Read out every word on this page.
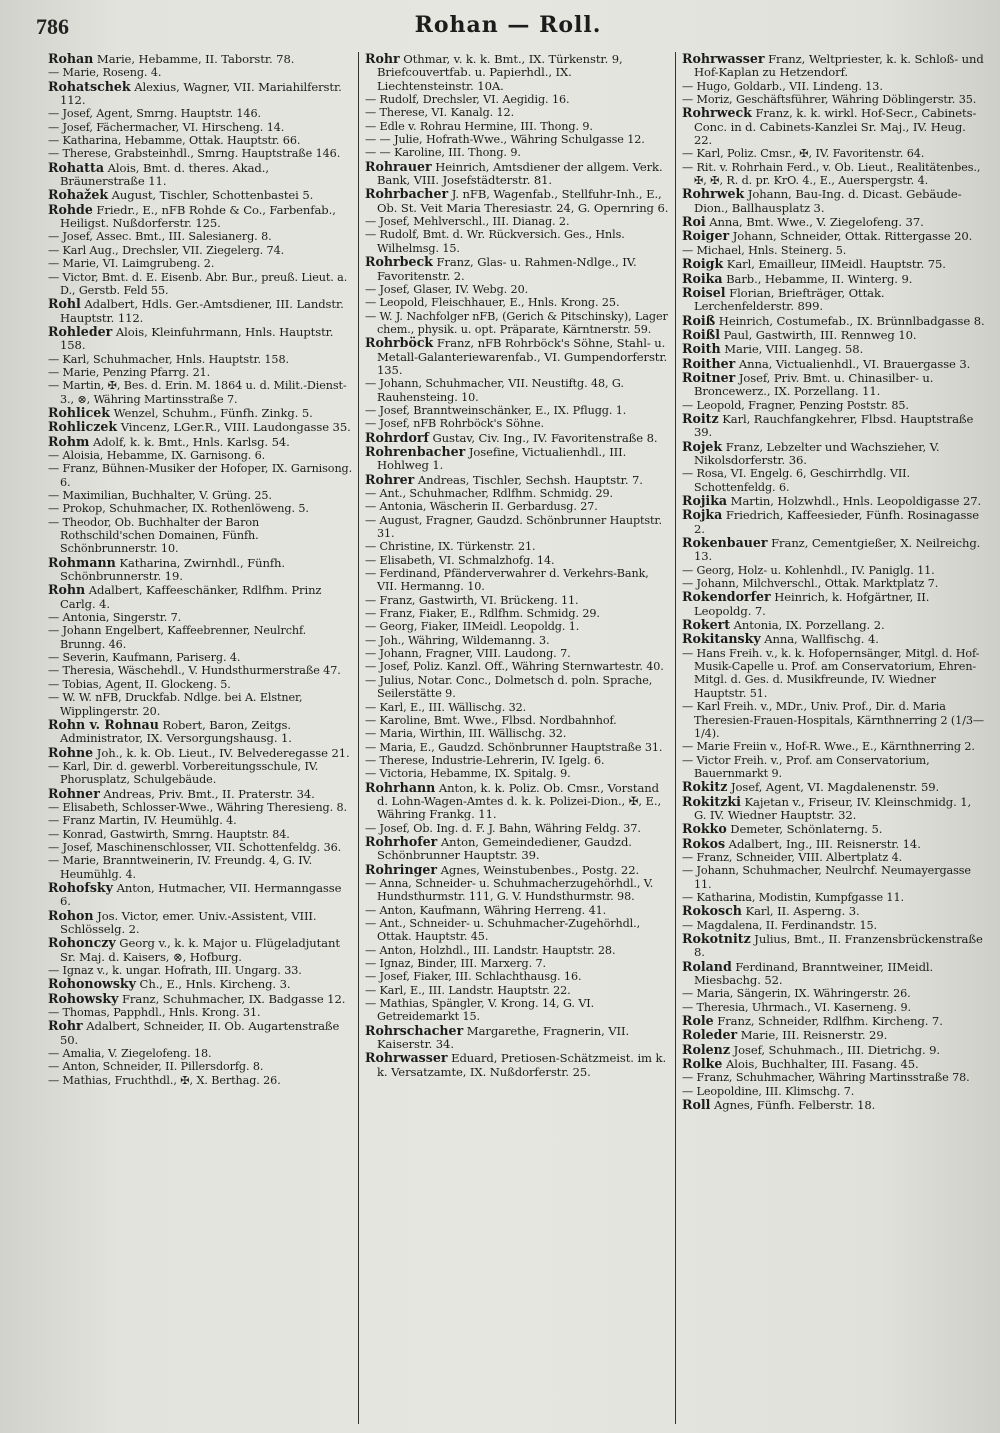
786	Rohan — Roll.

Rohan Marie, Hebamme, II. Taborstr. 78.

— Marie, Roseng. 4.

Rohatschek Alexius, Wagner, VII. Mariahilferstr. 112.

— Josef, Agent, Smrng. Hauptstr. 146.

— Josef, Fächermacher, VI. Hirscheng. 14.

— Katharina, Hebamme, Ottak. Hauptstr. 66.

— Therese, Grabsteinhdl., Smrng. Hauptstraße 146.

Rohatta Alois, Bmt. d. theres. Akad., Bräunerstraße 11.

Rohažek August, Tischler, Schottenbastei 5.

Rohde Friedr., E., nFB Rohde & Co., Farbenfab., Heiligst. Nußdorferstr. 125.

— Josef, Assec. Bmt., III. Salesianerg. 8.

— Karl Aug., Drechsler, VII. Ziegelerg. 74.

— Marie, VI. Laimgrubeng. 2.

— Victor, Bmt. d. E. Eisenb. Abr. Bur., preuß. Lieut. a. D., Gerstb. Feld 55.

Rohl Adalbert, Hdls. Ger.-Amtsdiener, III. Landstr. Hauptstr. 112.

Rohleder Alois, Kleinfuhrmann, Hnls. Hauptstr. 158.

— Karl, Schuhmacher, Hnls. Hauptstr. 158.

— Marie, Penzing Pfarrg. 21.

— Martin, ✠, Bes. d. Erin. M. 1864 u. d. Milit.-Dienst-3., ⊗, Währing Martinsstraße 7.

Rohlicek Wenzel, Schuhm., Fünfh. Zinkg. 5.

Rohliczek Vincenz, LGer.R., VIII. Laudongasse 35.

Rohm Adolf, k. k. Bmt., Hnls. Karlsg. 54.

— Aloisia, Hebamme, IX. Garnisong. 6.

— Franz, Bühnen-Musiker der Hofoper, IX. Garnisong. 6.

— Maximilian, Buchhalter, V. Grüng. 25.

— Prokop, Schuhmacher, IX. Rothenlöweng. 5.

— Theodor, Ob. Buchhalter der Baron Rothschild'schen Domainen, Fünfh. Schönbrunnerstr. 10.

Rohmann Katharina, Zwirnhdl., Fünfh. Schönbrunnerstr. 19.

Rohn Adalbert, Kaffeeschänker, Rdlfhm. Prinz Carlg. 4.

— Antonia, Singerstr. 7.

— Johann Engelbert, Kaffeebrenner, Neulrchf. Brunng. 46.

— Severin, Kaufmann, Pariserg. 4.

— Theresia, Wäschehdl., V. Hundsthurmerstraße 47.

— Tobias, Agent, II. Glockeng. 5.

— W. W. nFB, Druckfab. Ndlge. bei A. Elstner, Wipplingerstr. 20.

Rohn v. Rohnau Robert, Baron, Zeitgs. Administrator, IX. Versorgungshausg. 1.

Rohne Joh., k. k. Ob. Lieut., IV. Belvederegasse 21.

— Karl, Dir. d. gewerbl. Vorbereitungsschule, IV. Phorusplatz, Schulgebäude.

Rohner Andreas, Priv. Bmt., II. Praterstr. 34.

— Elisabeth, Schlosser-Wwe., Währing Theresieng. 8.

— Franz Martin, IV. Heumühlg. 4.

— Konrad, Gastwirth, Smrng. Hauptstr. 84.

— Josef, Maschinenschlosser, VII. Schottenfeldg. 36.

— Marie, Branntweinerin, IV. Freundg. 4, G. IV. Heumühlg. 4.

Rohofsky Anton, Hutmacher, VII. Hermanngasse 6.

Rohon Jos. Victor, emer. Univ.-Assistent, VIII. Schlösselg. 2.

Rohonczy Georg v., k. k. Major u. Flügeladjutant Sr. Maj. d. Kaisers, ⊗, Hofburg.

— Ignaz v., k. ungar. Hofrath, III. Ungarg. 33.

Rohonowsky Ch., E., Hnls. Kircheng. 3.

Rohowsky Franz, Schuhmacher, IX. Badgasse 12.

— Thomas, Papphdl., Hnls. Krong. 31.

Rohr Adalbert, Schneider, II. Ob. Augartenstraße 50.

— Amalia, V. Ziegelofeng. 18.

— Anton, Schneider, II. Pillersdorfg. 8.

— Mathias, Fruchthdl., ✠, X. Berthag. 26.

Rohr Othmar, v. k. k. Bmt., IX. Türkenstr. 9, Briefcouvertfab. u. Papierhdl., IX. Liechtensteinstr. 10A.

— Rudolf, Drechsler, VI. Aegidig. 16.

— Therese, VI. Kanalg. 12.

— Edle v. Rohrau Hermine, III. Thong. 9.

— — Julie, Hofrath-Wwe., Währing Schulgasse 12.

— — Karoline, III. Thong. 9.

Rohrauer Heinrich, Amtsdiener der allgem. Verk. Bank, VIII. Josefstädterstr. 81.

Rohrbacher J. nFB, Wagenfab., Stellfuhr-Inh., E., Ob. St. Veit Maria Theresiastr. 24, G. Opernring 6.

— Josef, Mehlverschl., III. Dianag. 2.

— Rudolf, Bmt. d. Wr. Rückversich. Ges., Hnls. Wilhelmsg. 15.

Rohrbeck Franz, Glas- u. Rahmen-Ndlge., IV. Favoritenstr. 2.

— Josef, Glaser, IV. Webg. 20.

— Leopold, Fleischhauer, E., Hnls. Krong. 25.

— W. J. Nachfolger nFB, (Gerich & Pitschinsky), Lager chem., physik. u. opt. Präparate, Kärntnerstr. 59.

Rohrböck Franz, nFB Rohrböck's Söhne, Stahl- u. Metall-Galanteriewarenfab., VI. Gumpendorferstr. 135.

— Johann, Schuhmacher, VII. Neustiftg. 48, G. Rauhensteing. 10.

— Josef, Branntweinschänker, E., IX. Pflugg. 1.

— Josef, nFB Rohrböck's Söhne.

Rohrdorf Gustav, Civ. Ing., IV. Favoritenstraße 8.

Rohrenbacher Josefine, Victualienhdl., III. Hohlweg 1.

Rohrer Andreas, Tischler, Sechsh. Hauptstr. 7.

— Ant., Schuhmacher, Rdlfhm. Schmidg. 29.

— Antonia, Wäscherin II. Gerbardusg. 27.

— August, Fragner, Gaudzd. Schönbrunner Hauptstr. 31.

— Christine, IX. Türkenstr. 21.

— Elisabeth, VI. Schmalzhofg. 14.

— Ferdinand, Pfänderverwahrer d. Verkehrs-Bank, VII. Hermanng. 10.

— Franz, Gastwirth, VI. Brückeng. 11.

— Franz, Fiaker, E., Rdlfhm. Schmidg. 29.

— Georg, Fiaker, IIMeidl. Leopoldg. 1.

— Joh., Währing, Wildemanng. 3.

— Johann, Fragner, VIII. Laudong. 7.

— Josef, Poliz. Kanzl. Off., Währing Sternwartestr. 40.

— Julius, Notar. Conc., Dolmetsch d. poln. Sprache, Seilerstätte 9.

— Karl, E., III. Wällischg. 32.

— Karoline, Bmt. Wwe., Flbsd. Nordbahnhof.

— Maria, Wirthin, III. Wällischg. 32.

— Maria, E., Gaudzd. Schönbrunner Hauptstraße 31.

— Therese, Industrie-Lehrerin, IV. Igelg. 6.

— Victoria, Hebamme, IX. Spitalg. 9.

Rohrhann Anton, k. k. Poliz. Ob. Cmsr., Vorstand d. Lohn-Wagen-Amtes d. k. k. Polizei-Dion., ✠, E., Währing Frankg. 11.

— Josef, Ob. Ing. d. F. J. Bahn, Währing Feldg. 37.

Rohrhofer Anton, Gemeindediener, Gaudzd. Schönbrunner Hauptstr. 39.

Rohringer Agnes, Weinstubenbes., Postg. 22.

— Anna, Schneider- u. Schuhmacherzugehörhdl., V. Hundsthurmstr. 111, G. V. Hundsthurmstr. 98.

— Anton, Kaufmann, Währing Herreng. 41.

— Ant., Schneider- u. Schuhmacher-Zugehörhdl., Ottak. Hauptstr. 45.

— Anton, Holzhdl., III. Landstr. Hauptstr. 28.

— Ignaz, Binder, III. Marxerg. 7.

— Josef, Fiaker, III. Schlachthausg. 16.

— Karl, E., III. Landstr. Hauptstr. 22.

— Mathias, Spängler, V. Krong. 14, G. VI. Getreidemarkt 15.

Rohrschacher Margarethe, Fragnerin, VII. Kaiserstr. 34.

Rohrwasser Eduard, Pretiosen-Schätzmeist. im k. k. Versatzamte, IX. Nußdorferstr. 25.

Rohrwasser Franz, Weltpriester, k. k. Schloß- und Hof-Kaplan zu Hetzendorf.

— Hugo, Goldarb., VII. Lindeng. 13.

— Moriz, Geschäftsführer, Währing Döblingerstr. 35.

Rohrweck Franz, k. k. wirkl. Hof-Secr., Cabinets-Conc. in d. Cabinets-Kanzlei Sr. Maj., IV. Heug. 22.

— Karl, Poliz. Cmsr., ✠, IV. Favoritenstr. 64.

— Rit. v. Rohrhain Ferd., v. Ob. Lieut., Realitätenbes., ✠, ✠, R. d. pr. KrO. 4., E., Auerspergstr. 4.

Rohrwek Johann, Bau-Ing. d. Dicast. Gebäude-Dion., Ballhausplatz 3.

Roi Anna, Bmt. Wwe., V. Ziegelofeng. 37.

Roiger Johann, Schneider, Ottak. Rittergasse 20.

— Michael, Hnls. Steinerg. 5.

Roigk Karl, Emailleur, IIMeidl. Hauptstr. 75.

Roika Barb., Hebamme, II. Winterg. 9.

Roisel Florian, Briefträger, Ottak. Lerchenfelderstr. 899.

Roiß Heinrich, Costumefab., IX. Brünnlbadgasse 8.

Roißl Paul, Gastwirth, III. Rennweg 10.

Roith Marie, VIII. Langeg. 58.

Roither Anna, Victualienhdl., VI. Brauergasse 3.

Roitner Josef, Priv. Bmt. u. Chinasilber- u. Broncewerz., IX. Porzellang. 11.

— Leopold, Fragner, Penzing Poststr. 85.

Roitz Karl, Rauchfangkehrer, Flbsd. Hauptstraße 39.

Rojek Franz, Lebzelter und Wachszieher, V. Nikolsdorferstr. 36.

— Rosa, VI. Engelg. 6, Geschirrhdlg. VII. Schottenfeldg. 6.

Rojika Martin, Holzwhdl., Hnls. Leopoldigasse 27.

Rojka Friedrich, Kaffeesieder, Fünfh. Rosinagasse 2.

Rokenbauer Franz, Cementgießer, X. Neilreichg. 13.

— Georg, Holz- u. Kohlenhdl., IV. Paniglg. 11.

— Johann, Milchverschl., Ottak. Marktplatz 7.

Rokendorfer Heinrich, k. Hofgärtner, II. Leopoldg. 7.

Rokert Antonia, IX. Porzellang. 2.

Rokitansky Anna, Wallfischg. 4.

— Hans Freih. v., k. k. Hofopernsänger, Mitgl. d. Hof-Musik-Capelle u. Prof. am Conservatorium, Ehren-Mitgl. d. Ges. d. Musikfreunde, IV. Wiedner Hauptstr. 51.

— Karl Freih. v., MDr., Univ. Prof., Dir. d. Maria Theresien-Frauen-Hospitals, Kärnthnerring 2 (1/3—1/4).

— Marie Freiin v., Hof-R. Wwe., E., Kärnthnerring 2.

— Victor Freih. v., Prof. am Conservatorium, Bauernmarkt 9.

Rokitz Josef, Agent, VI. Magdalenenstr. 59.

Rokitzki Kajetan v., Friseur, IV. Kleinschmidg. 1, G. IV. Wiedner Hauptstr. 32.

Rokko Demeter, Schönlaterng. 5.

Rokos Adalbert, Ing., III. Reisnerstr. 14.

— Franz, Schneider, VIII. Albertplatz 4.

— Johann, Schuhmacher, Neulrchf. Neumayergasse 11.

— Katharina, Modistin, Kumpfgasse 11.

Rokosch Karl, II. Asperng. 3.

— Magdalena, II. Ferdinandstr. 15.

Rokotnitz Julius, Bmt., II. Franzensbrückenstraße 8.

Roland Ferdinand, Branntweiner, IIMeidl. Miesbachg. 52.

— Maria, Sängerin, IX. Währingerstr. 26.

— Theresia, Uhrmach., VI. Kaserneng. 9.

Role Franz, Schneider, Rdlfhm. Kircheng. 7.

Roleder Marie, III. Reisnerstr. 29.

Rolenz Josef, Schuhmach., III. Dietrichg. 9.

Rolke Alois, Buchhalter, III. Fasang. 45.

— Franz, Schuhmacher, Währing Martinsstraße 78.

— Leopoldine, III. Klimschg. 7.

Roll Agnes, Fünfh. Felberstr. 18.
